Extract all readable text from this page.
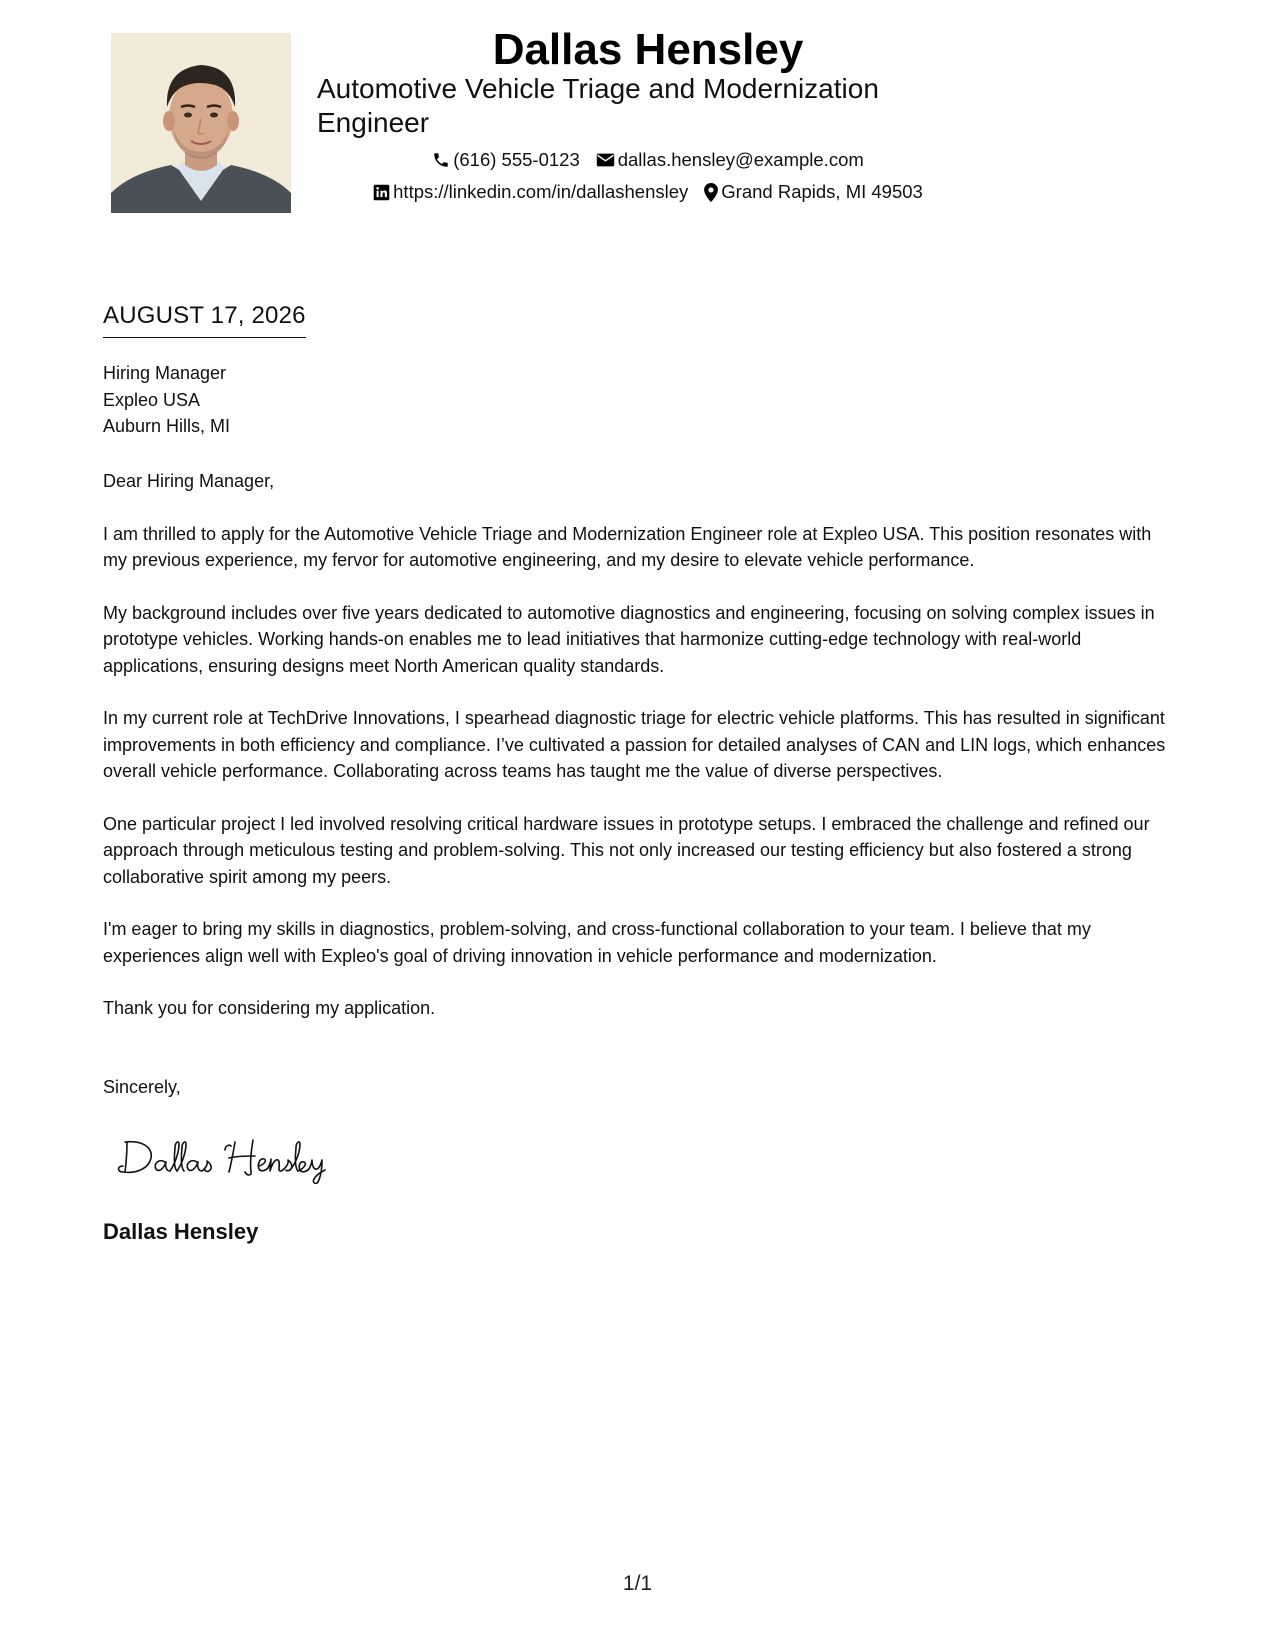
Dallas Hensley
Automotive Vehicle Triage and Modernization Engineer
(616) 555-0123 dallas.hensley@example.com
https://linkedin.com/in/dallashensley Grand Rapids, MI 49503
AUGUST 17, 2026
Hiring Manager
Expleo USA
Auburn Hills, MI

Dear Hiring Manager,

I am thrilled to apply for the Automotive Vehicle Triage and Modernization Engineer role at Expleo USA. This position resonates with my previous experience, my fervor for automotive engineering, and my desire to elevate vehicle performance.

My background includes over five years dedicated to automotive diagnostics and engineering, focusing on solving complex issues in prototype vehicles. Working hands-on enables me to lead initiatives that harmonize cutting-edge technology with real-world applications, ensuring designs meet North American quality standards.

In my current role at TechDrive Innovations, I spearhead diagnostic triage for electric vehicle platforms. This has resulted in significant improvements in both efficiency and compliance. I’ve cultivated a passion for detailed analyses of CAN and LIN logs, which enhances overall vehicle performance. Collaborating across teams has taught me the value of diverse perspectives.

One particular project I led involved resolving critical hardware issues in prototype setups. I embraced the challenge and refined our approach through meticulous testing and problem-solving. This not only increased our testing efficiency but also fostered a strong collaborative spirit among my peers.

I'm eager to bring my skills in diagnostics, problem-solving, and cross-functional collaboration to your team. I believe that my experiences align well with Expleo's goal of driving innovation in vehicle performance and modernization.

Thank you for considering my application.

Sincerely,
Dallas Hensley
1/1
